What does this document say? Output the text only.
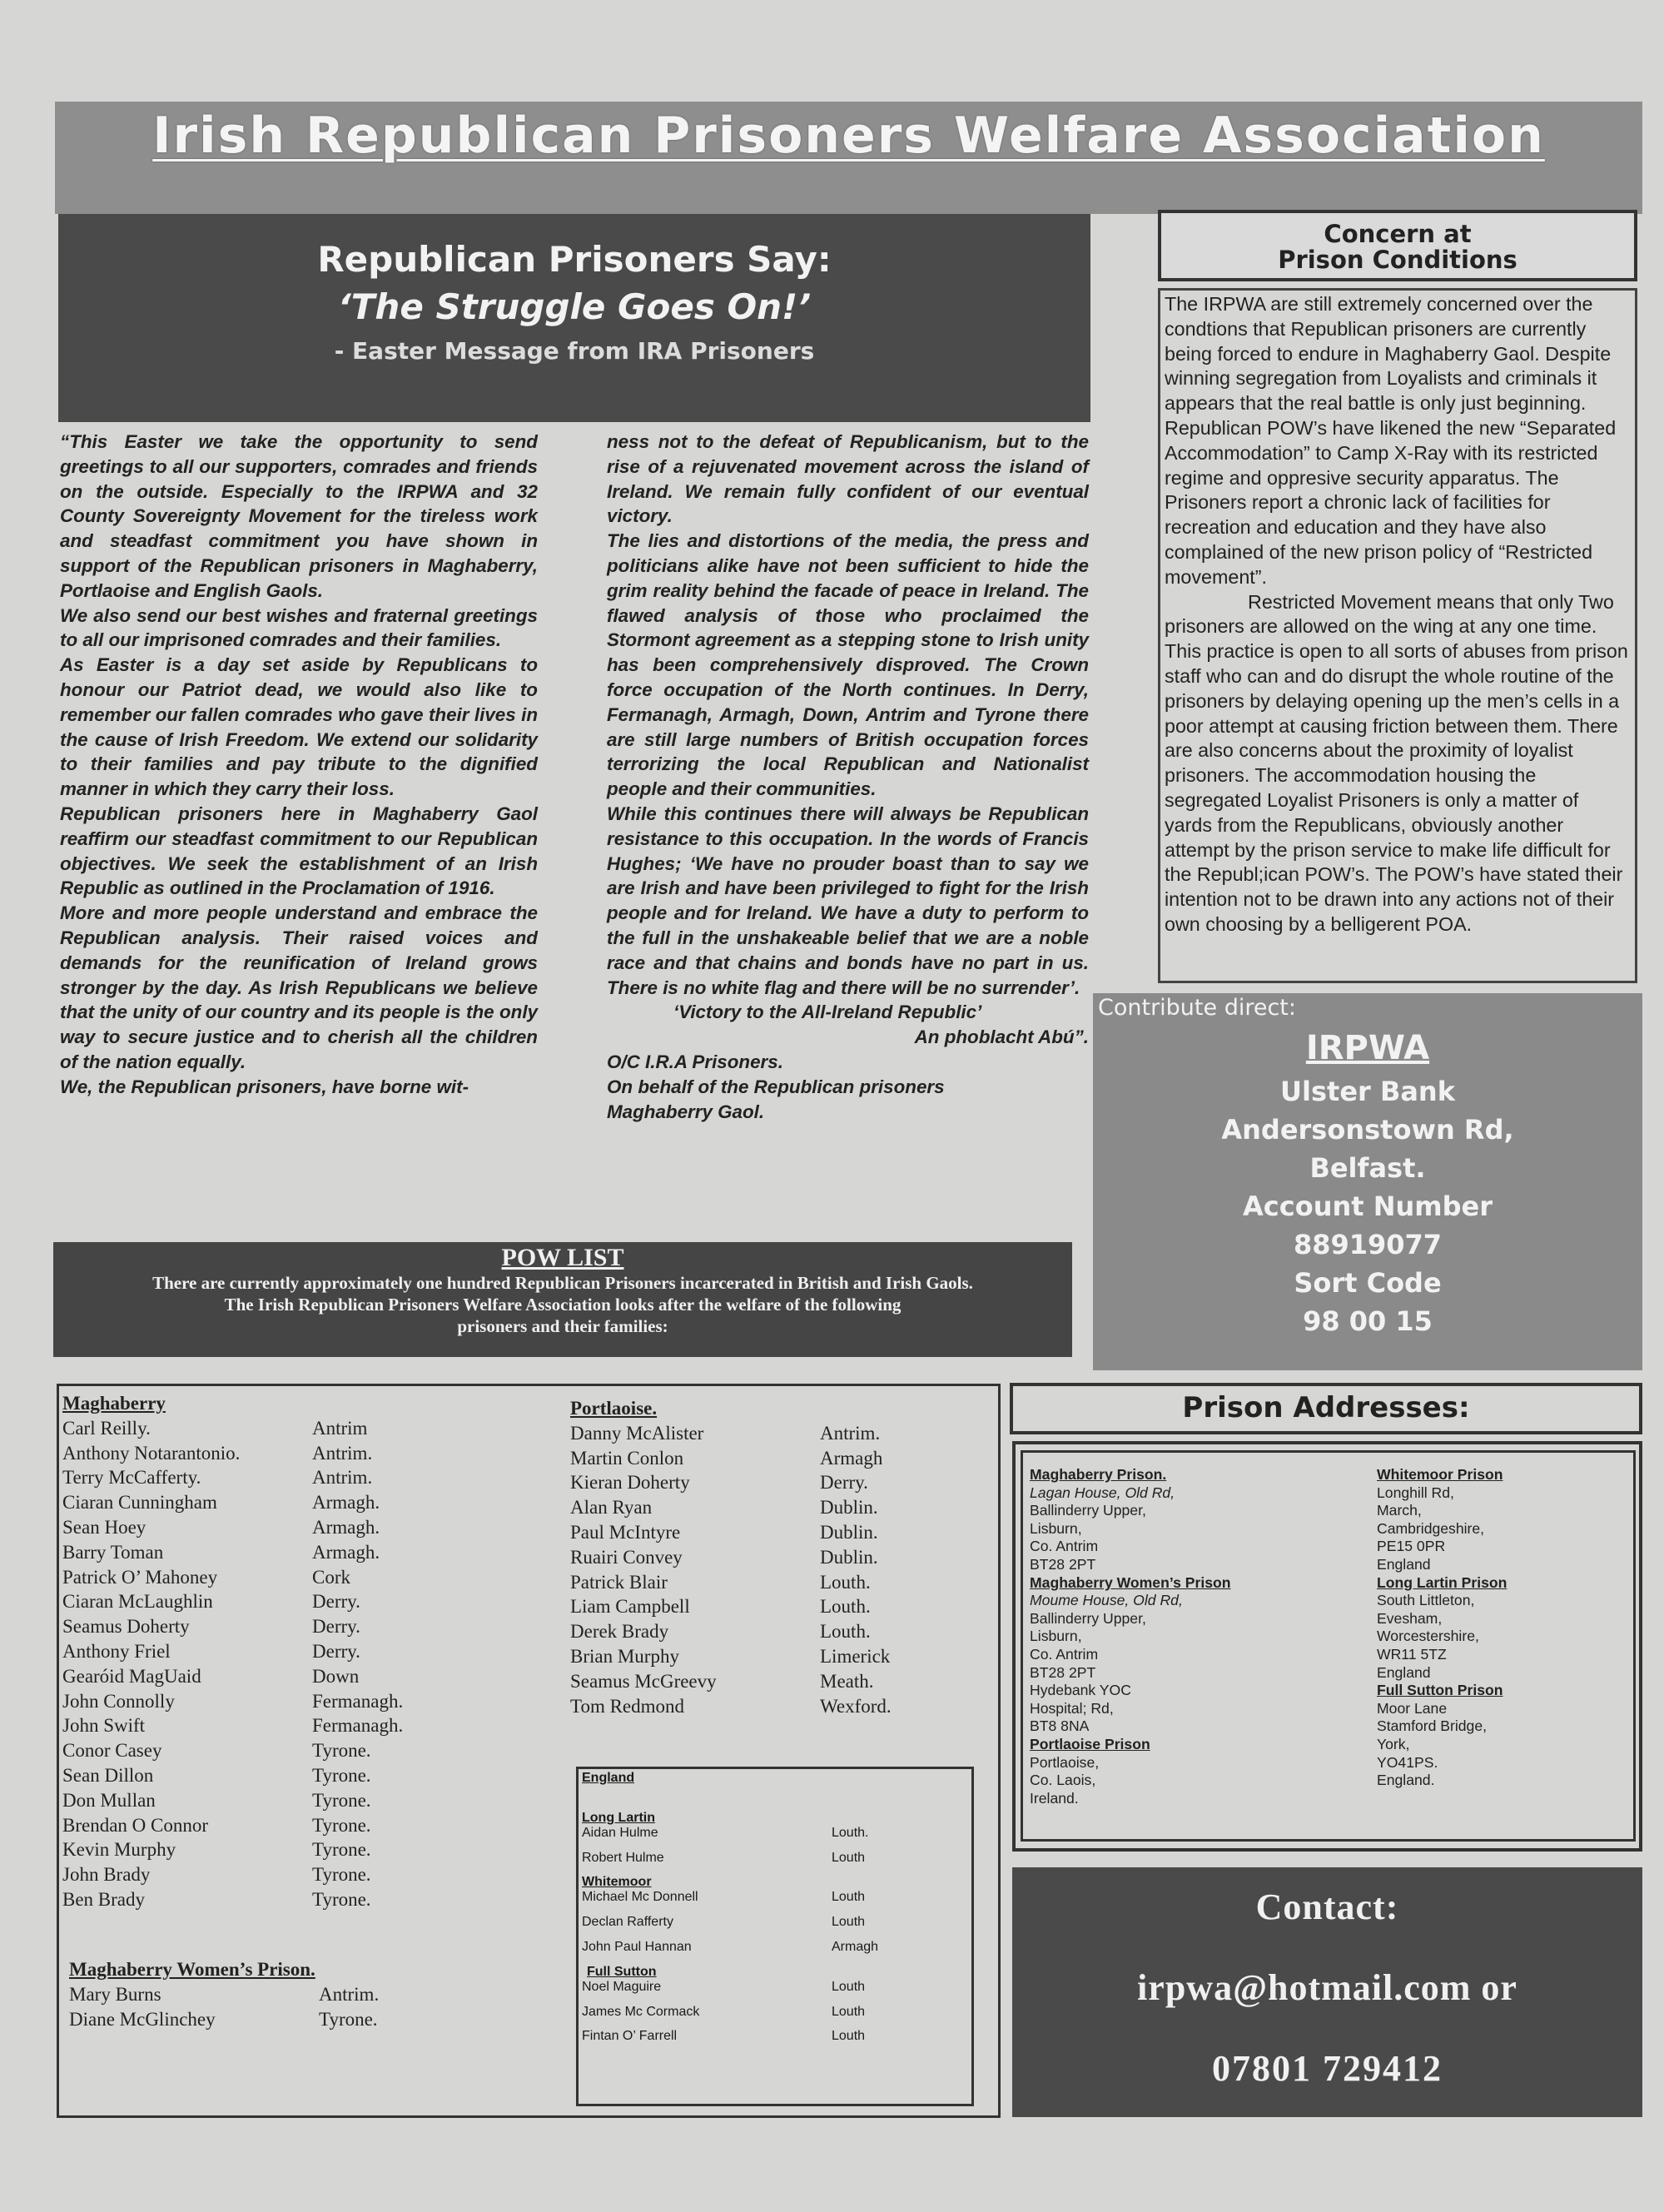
Irish Republican Prisoners Welfare Association
Republican Prisoners Say:
‘The Struggle Goes On!’
- Easter Message from IRA Prisoners

“This Easter we take the opportunity to send greetings to all our supporters, comrades and friends on the outside. Especially to the IRPWA and 32 County Sovereignty Movement for the tireless work and steadfast commitment you have shown in support of the Republican prisoners in Maghaberry, Portlaoise and English Gaols.

We also send our best wishes and fraternal greetings to all our imprisoned comrades and their families.

As Easter is a day set aside by Republicans to honour our Patriot dead, we would also like to remember our fallen comrades who gave their lives in the cause of Irish Freedom. We extend our solidarity to their families and pay tribute to the dignified manner in which they carry their loss.

Republican prisoners here in Maghaberry Gaol reaffirm our steadfast commitment to our Republican objectives. We seek the establishment of an Irish Republic as outlined in the Proclamation of 1916.

More and more people understand and embrace the Republican analysis. Their raised voices and demands for the reunification of Ireland grows stronger by the day. As Irish Republicans we believe that the unity of our country and its people is the only way to secure justice and to cherish all the children of the nation equally.

We, the Republican prisoners, have borne wit-

ness not to the defeat of Republicanism, but to the rise of a rejuvenated movement across the island of Ireland. We remain fully confident of our eventual victory.

The lies and distortions of the media, the press and politicians alike have not been sufficient to hide the grim reality behind the facade of peace in Ireland. The flawed analysis of those who proclaimed the Stormont agreement as a stepping stone to Irish unity has been comprehensively disproved. The Crown force occupation of the North continues. In Derry, Fermanagh, Armagh, Down, Antrim and Tyrone there are still large numbers of British occupation forces terrorizing the local Republican and Nationalist people and their communities.

While this continues there will always be Republican resistance to this occupation. In the words of Francis Hughes; ‘We have no prouder boast than to say we are Irish and have been privileged to fight for the Irish people and for Ireland. We have a duty to perform to the full in the unshakeable belief that we are a noble race and that chains and bonds have no part in us. There is no white flag and there will be no surrender’.

‘Victory to the All-Ireland Republic’

An phoblacht Abú”.

O/C I.R.A Prisoners.

On behalf of the Republican prisoners

Maghaberry Gaol.

Concern at
Prison Conditions

The IRPWA are still extremely concerned over the condtions that Republican prisoners are currently being forced to endure in Maghaberry Gaol. Despite winning segregation from Loyalists and criminals it appears that the real battle is only just beginning. Republican POW’s have likened the new “Separated Accommodation” to Camp X-Ray with its restricted regime and oppresive security apparatus. The Prisoners report a chronic lack of facilities for recreation and education and they have also complained of the new prison policy of “Restricted movement”.

Restricted Movement means that only Two prisoners are allowed on the wing at any one time. This practice is open to all sorts of abuses from prison staff who can and do disrupt the whole routine of the prisoners by delaying opening up the men’s cells in a poor attempt at causing friction between them. There are also concerns about the proximity of loyalist prisoners. The accommodation housing the segregated Loyalist Prisoners is only a matter of yards from the Republicans, obviously another attempt by the prison service to make life difficult for the Republ;ican POW’s. The POW’s have stated their intention not to be drawn into any actions not of their own choosing by a belligerent POA.

Contribute direct:
IRPWA
Ulster Bank
Andersonstown Rd,
Belfast.
Account Number
88919077
Sort Code
98 00 15
POW LIST
There are currently approximately one hundred Republican Prisoners incarcerated in British and Irish Gaols.
The Irish Republican Prisoners Welfare Association looks after the welfare of the following
prisoners and their families:
Maghaberry
Carl Reilly.	Antrim
Anthony Notarantonio.	Antrim.
Terry McCafferty.	Antrim.
Ciaran Cunningham	Armagh.
Sean Hoey	Armagh.
Barry Toman	Armagh.
Patrick O’ Mahoney	Cork
Ciaran McLaughlin	Derry.
Seamus Doherty	Derry.
Anthony Friel	Derry.
Gearóid MagUaid	Down
John Connolly	Fermanagh.
John Swift	Fermanagh.
Conor Casey	Tyrone.
Sean Dillon	Tyrone.
Don Mullan	Tyrone.
Brendan O Connor	Tyrone.
Kevin Murphy	Tyrone.
John Brady	Tyrone.
Ben Brady	Tyrone.
Maghaberry Women’s Prison.
Mary Burns	Antrim.
Diane McGlinchey	Tyrone.
Portlaoise.
Danny McAlister	Antrim.
Martin Conlon	Armagh
Kieran Doherty	Derry.
Alan Ryan	Dublin.
Paul McIntyre	Dublin.
Ruairi Convey	Dublin.
Patrick Blair	Louth.
Liam Campbell	Louth.
Derek Brady	Louth.
Brian Murphy	Limerick
Seamus McGreevy	Meath.
Tom Redmond	Wexford.
England
Long Lartin
Aidan Hulme	Louth.
Robert Hulme	Louth
Whitemoor
Michael Mc Donnell	Louth
Declan Rafferty	Louth
John Paul Hannan	Armagh
Full Sutton
Noel Maguire	Louth
James Mc Cormack	Louth
Fintan O’ Farrell	Louth
Prison Addresses:
Maghaberry Prison.
Lagan House, Old Rd,
Ballinderry Upper,
Lisburn,
Co. Antrim
BT28 2PT
Maghaberry Women’s Prison
Moume House, Old Rd,
Ballinderry Upper,
Lisburn,
Co. Antrim
BT28 2PT
Hydebank YOC
Hospital; Rd,
BT8 8NA
Portlaoise Prison
Portlaoise,
Co. Laois,
Ireland.
Whitemoor Prison
Longhill Rd,
March,
Cambridgeshire,
PE15 0PR
England
Long Lartin Prison
South Littleton,
Evesham,
Worcestershire,
WR11 5TZ
England
Full Sutton Prison
Moor Lane
Stamford Bridge,
York,
YO41PS.
England.
Contact:
irpwa@hotmail.com or
07801 729412
